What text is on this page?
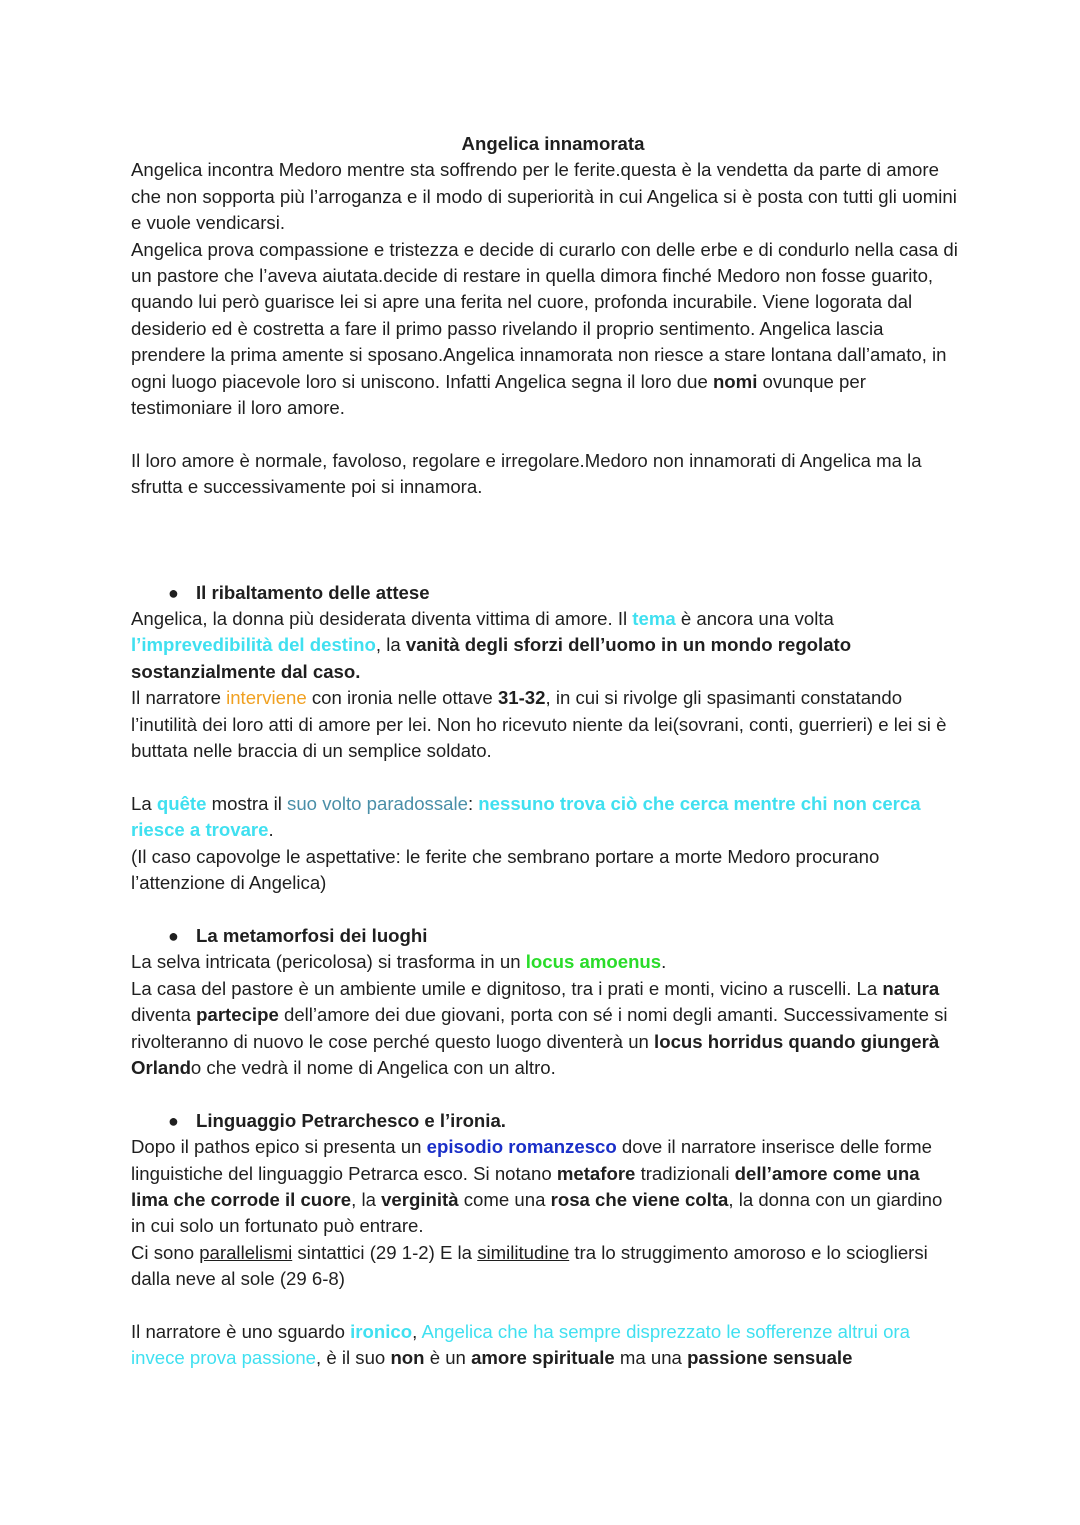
Angelica innamorata

Angelica incontra Medoro mentre sta soffrendo per le ferite.questa è la vendetta da parte di amore che non sopporta più l’arroganza e il modo di superiorità in cui Angelica si è posta con tutti gli uomini e vuole vendicarsi.

Angelica prova compassione e tristezza e decide di curarlo con delle erbe e di condurlo nella casa di un pastore che l’aveva aiutata.decide di restare in quella dimora finché Medoro non fosse guarito, quando lui però guarisce lei si apre una ferita nel cuore, profonda incurabile. Viene logorata dal desiderio ed è costretta a fare il primo passo rivelando il proprio sentimento. Angelica lascia prendere la prima amente si sposano.Angelica innamorata non riesce a stare lontana dall’amato, in ogni luogo piacevole loro si uniscono. Infatti Angelica segna il loro due nomi ovunque per testimoniare il loro amore.

Il loro amore è normale, favoloso, regolare e irregolare.Medoro non innamorati di Angelica ma la sfrutta e successivamente poi si innamora.

● Il ribaltamento delle attese

Angelica, la donna più desiderata diventa vittima di amore. Il tema è ancora una volta l’imprevedibilità del destino, la vanità degli sforzi dell’uomo in un mondo regolato sostanzialmente dal caso.

Il narratore interviene con ironia nelle ottave 31-32, in cui si rivolge gli spasimanti constatando l’inutilità dei loro atti di amore per lei. Non ho ricevuto niente da lei(sovrani, conti, guerrieri) e lei si è buttata nelle braccia di un semplice soldato.

La quête mostra il suo volto paradossale: nessuno trova ciò che cerca mentre chi non cerca riesce a trovare.

(Il caso capovolge le aspettative: le ferite che sembrano portare a morte Medoro procurano l’attenzione di Angelica)

● La metamorfosi dei luoghi

La selva intricata (pericolosa) si trasforma in un locus amoenus.

La casa del pastore è un ambiente umile e dignitoso, tra i prati e monti, vicino a ruscelli. La natura diventa partecipe dell’amore dei due giovani, porta con sé i nomi degli amanti. Successivamente si rivolteranno di nuovo le cose perché questo luogo diventerà un locus horridus quando giungerà Orlando che vedrà il nome di Angelica con un altro.

● Linguaggio Petrarchesco e l’ironia.

Dopo il pathos epico si presenta un episodio romanzesco dove il narratore inserisce delle forme linguistiche del linguaggio Petrarca esco. Si notano metafore tradizionali dell’amore come una lima che corrode il cuore, la verginità come una rosa che viene colta, la donna con un giardino in cui solo un fortunato può entrare.

Ci sono parallelismi sintattici (29 1-2) E la similitudine tra lo struggimento amoroso e lo sciogliersi dalla neve al sole (29 6-8)

Il narratore è uno sguardo ironico, Angelica che ha sempre disprezzato le sofferenze altrui ora invece prova passione, è il suo non è un amore spirituale ma una passione sensuale
